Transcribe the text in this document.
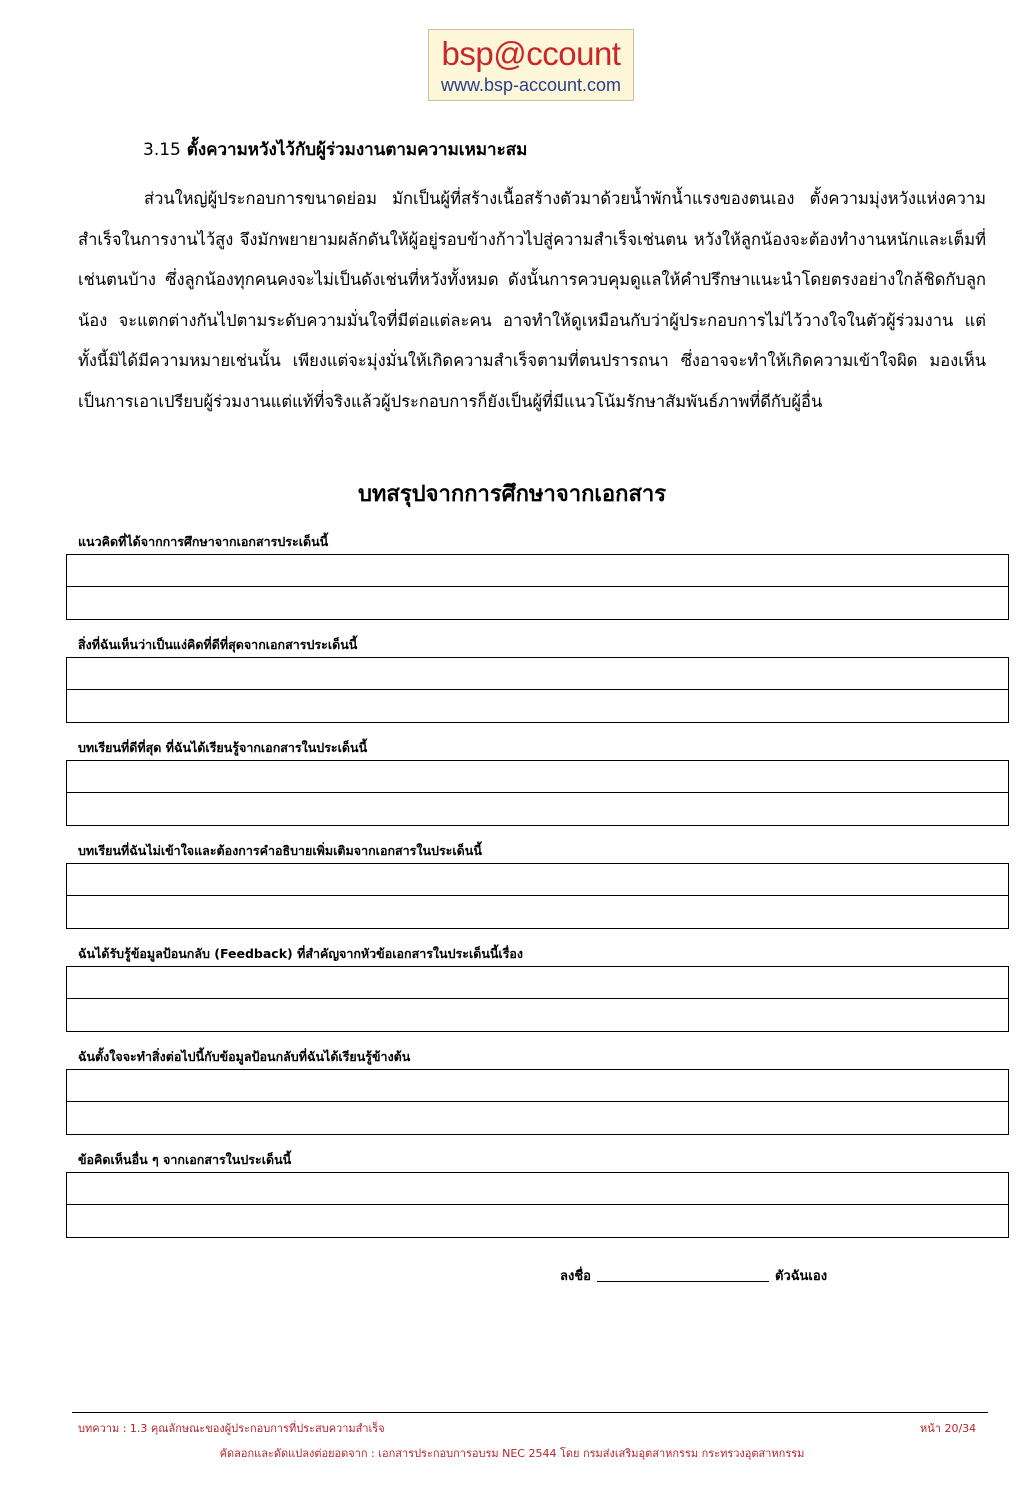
bsp@ccount
www.bsp-account.com
3.15 ตั้งความหวังไว้กับผู้ร่วมงานตามความเหมาะสม

ส่วนใหญ่ผู้ประกอบการขนาดย่อม มักเป็นผู้ที่สร้างเนื้อสร้างตัวมาด้วยน้ำพักน้ำแรงของตนเอง ตั้งความมุ่งหวังแห่งความสำเร็จในการงานไว้สูง จึงมักพยายามผลักดันให้ผู้อยู่รอบข้างก้าวไปสู่ความสำเร็จเช่นตน หวังให้ลูกน้องจะต้องทำงานหนักและเต็มที่เช่นตนบ้าง ซึ่งลูกน้องทุกคนคงจะไม่เป็นดังเช่นที่หวังทั้งหมด ดังนั้นการควบคุมดูแลให้คำปรึกษาแนะนำโดยตรงอย่างใกล้ชิดกับลูกน้อง จะแตกต่างกันไปตามระดับความมั่นใจที่มีต่อแต่ละคน อาจทำให้ดูเหมือนกับว่าผู้ประกอบการไม่ไว้วางใจในตัวผู้ร่วมงาน แต่ทั้งนี้มิได้มีความหมายเช่นนั้น เพียงแต่จะมุ่งมั่นให้เกิดความสำเร็จตามที่ตนปรารถนา ซึ่งอาจจะทำให้เกิดความเข้าใจผิด มองเห็นเป็นการเอาเปรียบผู้ร่วมงานแต่แท้ที่จริงแล้วผู้ประกอบการก็ยังเป็นผู้ที่มีแนวโน้มรักษาสัมพันธ์ภาพที่ดีกับผู้อื่น

บทสรุปจากการศึกษาจากเอกสาร
แนวคิดที่ได้จากการศึกษาจากเอกสารประเด็นนี้
สิ่งที่ฉันเห็นว่าเป็นแง่คิดที่ดีที่สุดจากเอกสารประเด็นนี้
บทเรียนที่ดีที่สุด ที่ฉันได้เรียนรู้จากเอกสารในประเด็นนี้
บทเรียนที่ฉันไม่เข้าใจและต้องการคำอธิบายเพิ่มเติมจากเอกสารในประเด็นนี้
ฉันได้รับรู้ข้อมูลป้อนกลับ (Feedback) ที่สำคัญจากหัวข้อเอกสารในประเด็นนี้เรื่อง
ฉันตั้งใจจะทำสิ่งต่อไปนี้กับข้อมูลป้อนกลับที่ฉันได้เรียนรู้ข้างต้น
ข้อคิดเห็นอื่น ๆ จากเอกสารในประเด็นนี้
ลงชื่อ	ตัวฉันเอง
บทความ : 1.3 คุณลักษณะของผู้ประกอบการที่ประสบความสำเร็จ	หน้า 20/34
คัดลอกและดัดแปลงต่อยอดจาก : เอกสารประกอบการอบรม NEC 2544 โดย กรมส่งเสริมอุตสาหกรรม กระทรวงอุตสาหกรรม
